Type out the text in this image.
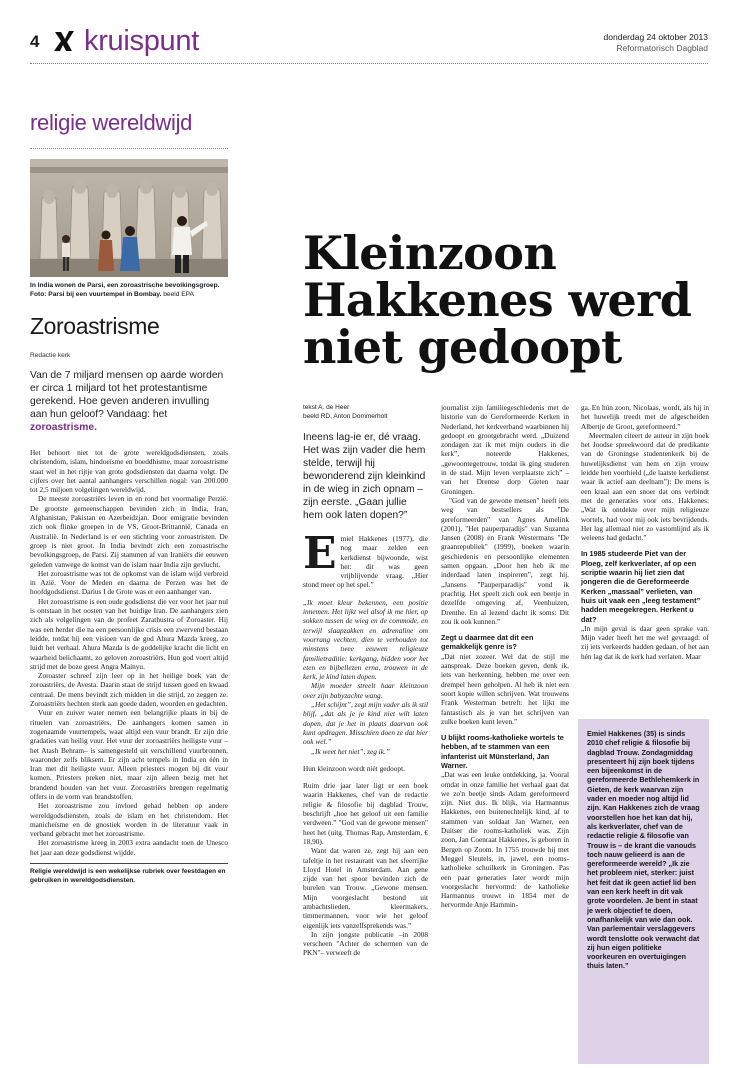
4 kruispunt	donderdag 24 oktober 2013
Reformatorisch Dagblad
religie wereldwijd
In India wonen de Parsi, een zoroastrische bevolkingsgroep. Foto: Parsi bij een vuurtempel in Bombay. beeld EPA
Zoroastrisme
Redactie kerk
Van de 7 miljard mensen op aarde worden er circa 1 miljard tot het protestantisme gerekend. Hoe geven anderen invulling aan hun geloof? Vandaag: het zoroastrisme.

Het behoort niet tot de grote wereldgodsdiensten, zoals christendom, islam, hindoeïsme en boeddhisme, maar zoroastrisme staat wel in het rijtje van grote godsdiensten dat daarna volgt. De cijfers over het aantal aanhangers verschillen nogal: van 200.000 tot 2,5 miljoen volgelingen wereldwijd.

De meeste zoroastriërs leven in en rond het voormalige Perzië. De grootste gemeenschappen bevinden zich in India, Iran, Afghanistan, Pakistan en Azerbeidzjan. Door emigratie bevinden zich ook flinke groepen in de VS, Groot-Brittannië, Canada en Australië. In Nederland is er een stichting voor zoroastristen. De groep is niet groot. In India bevindt zich een zoroastrische bevolkingsgroep, de Parsi. Zij stammen af van Iraniërs die eeuwen geleden vanwege de komst van de islam naar India zijn gevlucht.

Het zoroastrisme was tot de opkomst van de islam wijd verbreid in Azië. Voor de Meden en daarna de Perzen was het de hoofdgodsdienst. Darius I de Grote was er een aanhanger van.

Het zoroastrisme is een oude godsdienst die ver voor het jaar nul is ontstaan in het oosten van het huidige Iran. De aanhangers zien zich als volgelingen van de profeet Zarathustra of Zoroaster. Hij was een herder die na een persoonlijke crisis een zwervend bestaan leidde, totdat hij een visioen van de god Ahura Mazda kreeg, zo luidt het verhaal. Ahura Mazda is de goddelijke kracht die licht en waarheid belichaamt, zo geloven zoroastriërs. Hun god voert altijd strijd met de boze geest Angra Mainyu.

Zoroaster schreef zijn leer op in het heilige boek van de zoroastriërs, de Avesta. Daarin staat de strijd tussen goed en kwaad centraal. De mens bevindt zich midden in die strijd, zo zeggen ze. Zoroastriërs hechten sterk aan goede daden, woorden en gedachten.

Vuur en zuiver water nemen een belangrijke plaats in bij de rituelen van zoroastriërs. De aanhangers komen samen in zogenaamde vuurtempels, waar altijd een vuur brandt. Er zijn drie gradaties van heilig vuur. Het vuur der zoroastriërs heiligste vuur –het Atash Behram– is samengesteld uit verschillend vuurbronnen, waaronder zelfs bliksem. Er zijn acht tempels in India en één in Iran met dit heiligste vuur. Alleen priesters mogen bij dit vuur komen. Priesters preken niet, maar zijn alleen bezig met het brandend houden van het vuur. Zoroastriërs brengen regelmatig offers in de vorm van brandstoffen.

Het zoroastrisme zou invloed gehad hebben op andere wereldgodsdiensten, zoals de islam en het christendom. Het manicheïsme en de gnostiek worden in de literatuur vaak in verband gebracht met het zoroastrisme.

Het zoroastrisme kreeg in 2003 extra aandacht toen de Unesco het jaar aan deze godsdienst wijdde.

Religie wereldwijd is een wekelijkse rubriek over feestdagen en gebruiken in wereldgodsdiensten.
Kleinzoon Hakkenes werd niet gedoopt
tekst A. de Heer
beeld RD, Anton Dommerholt
Ineens lag-ie er, dé vraag. Het was zijn vader die hem stelde, terwijl hij bewonderend zijn kleinkind in de wieg in zich opnam – zijn eerste. „Gaan jullie hem ook laten dopen?”

Emiel Hakkenes (1977), die nog maar zelden een kerkdienst bijwoonde, wist het: dit was geen vrijblijvende vraag. „Hier stond meer op het spel.”

„Ik moet kleur bekennen, een positie innemen. Het lijkt wel alsof ik me hier, op sokken tussen de wieg en de commode, en terwijl slaapzakken en adrenaline om voorrang vechten, dien te verhouden tot minstens twee eeuwen religieuze familietraditie: kerkgang, bidden voor het eten en bijbellezen erna, trouwen in de kerk, je kind laten dopen.

Mijn moeder streelt haar kleinzoon over zijn babyzachte wang.

„Het schijnt”, zegt mijn vader als ik stil blijf, „dat als je je kind niet wilt laten dopen, dat je het in plaats daarvan ook kunt opdragen. Misschien doen ze dat hier ook wel.”

„Ik weet het niet”, zeg ik.”

Hun kleinzoon wordt niét gedoopt.

Ruim drie jaar later ligt er een boek waarin Hakkenes, chef van de redactie religie & filosofie bij dagblad Trouw, beschrijft „hoe het geloof uit een familie verdween.” "God van de gewone mensen" heet het (uitg. Thomas Rap, Amsterdam, € 18,90).

Want dat waren ze, zegt hij aan een tafeltje in het restaurant van het sfeerrijke Lloyd Hotel in Amsterdam. Aan gene zijde van het spoor bevinden zich de burelen van Trouw. „Gewone mensen. Mijn voorgeslacht bestond uit ambachtslieden, kleermakers, timmermannen, voor wie het geloof eigenlijk iets vanzelfsprekends was.”

In zijn jongste publicatie –in 2008 verscheen "Achter de schermen van de PKN"– verweeft de

journalist zijn familiegeschiedenis met de historie van de Gereformeerde Kerken in Nederland, het kerkverband waarbinnen hij gedoopt en grootgebracht werd. „Duizend zondagen zat ik met mijn ouders in die kerk”, noteerde Hakkenes, „gewoontegetrouw, totdat ik ging studeren in de stad. Mijn leven verplaatste zich” – van het Drentse dorp Gieten naar Groningen.

"God van de gewone mensen" heeft iets weg van bestsellers als "De gereformeerden" van Agnes Amelink (2001), "Het pauperparadijs" van Suzanna Jansen (2008) en Frank Westermans "De graanrepubliek" (1999), boeken waarin geschiedenis en persoonlijke elementen samen opgaan. „Door hen heb ik me inderdaad laten inspireren”, zegt hij. „Jansens "Pauperparadijs" vond ik prachtig. Het speelt zich ook een beetje in dezelfde omgeving af, Veenhuizen, Drenthe. En al lezend dacht ik soms: Dit zou ik ook kunnen.”

Zegt u daarmee dat dit een gemakkelijk genre is?

„Dat niet zozeer. Wel dat de stijl me aanspreak. Deze boeken geven, denk ik, iets van herkenning, hebben me over een drempel heen geholpen. Al heb ik niet een soort kopie willen schrijven. Wat trouwens Frank Westerman betreft: het lijkt me fantastisch als je van het schrijven van zulke boeken kunt leven.”

U blijkt rooms-katholieke wortels te hebben, af te stammen van een infanterist uit Münsterland, Jan Warner.

„Dat was een leuke ontdekking, ja. Vooral omdat in onze familie het verhaal gaat dat we zo'n beetje sinds Adam gereformeerd zijn. Niet dus. Ik blijk, via Harmannus Hakkenes, een buitenechtelijk kind, af te stammen van soldaat Jan Warner, een Duitser die rooms-katholiek was. Zijn zoon, Jan Coenraat Hakkenes, is geboren in Bergen op Zoom. In 1755 trouwde hij met Meggel Sleutels, in, jawel, een rooms-katholieke schuilkerk in Groningen. Pas een paar generaties later wordt mijn voorgeslacht hervormd: de katholieke Harmannus trouwt in 1854 met de hervormde Anje Hammin-

ga. En hún zoon, Nicolaas, wordt, als hij in het huwelijk treedt met de afgescheiden Albertje de Groot, gereformeerd.”

Meermalen citeert de auteur in zijn boek het Joodse spreekwoord dat de predikante van de Groningse studentenkerk bij de huwelijksdienst van hem en zijn vrouw leidde hen voorhield („de laatste kerkdienst waar ik actief aan deelnam”): De mens is een kraal aan een snoer dat ons verbindt met de generaties voor ons. Hakkenes: „Wat ik ontdekte over mijn religieuze wortels, had voor mij ook iets bevrijdends. Het lag allemaal niet zo vastomlijnd als ik weleens had gedacht.”

In 1985 studeerde Piet van der Ploeg, zelf kerkverlater, af op een scriptie waarin hij liet zien dat jongeren die de Gereformeerde Kerken „massaal” verlieten, van huis uit vaak een „leeg testament” hadden meegekregen. Herkent u dat?

„In mijn geval is daar geen sprake van. Mijn vader heeft het me wel gevraagd: of zij iets verkeerds hadden gedaan, of het aan hén lag dat ik de kerk had verlaten. Maar

Emiel Hakkenes (35) is sinds 2010 chef religie & filosofie bij dagblad Trouw. Zondagmiddag presenteert hij zijn boek tijdens een bijeenkomst in de gereformeerde Bethlehemkerk in Gieten, de kerk waarvan zijn vader en moeder nog altijd lid zijn. Kan Hakkenes zich de vraag voorstellen hoe het kan dat hij, als kerkverlater, chef van de redactie religie & filosofie van Trouw is – de krant die vanouds toch nauw gelieerd is aan de gereformeerde wereld? „Ik zie het probleem niet, sterker: juist het feit dat ik geen actief lid ben van een kerk heeft in dit vak grote voordelen. Je bent in staat je werk objectief te doen, onafhankelijk van wie dan ook. Van parlementair verslaggevers wordt tenslotte ook verwacht dat zij hun eigen politieke voorkeuren en overtuigingen thuis laten.”
